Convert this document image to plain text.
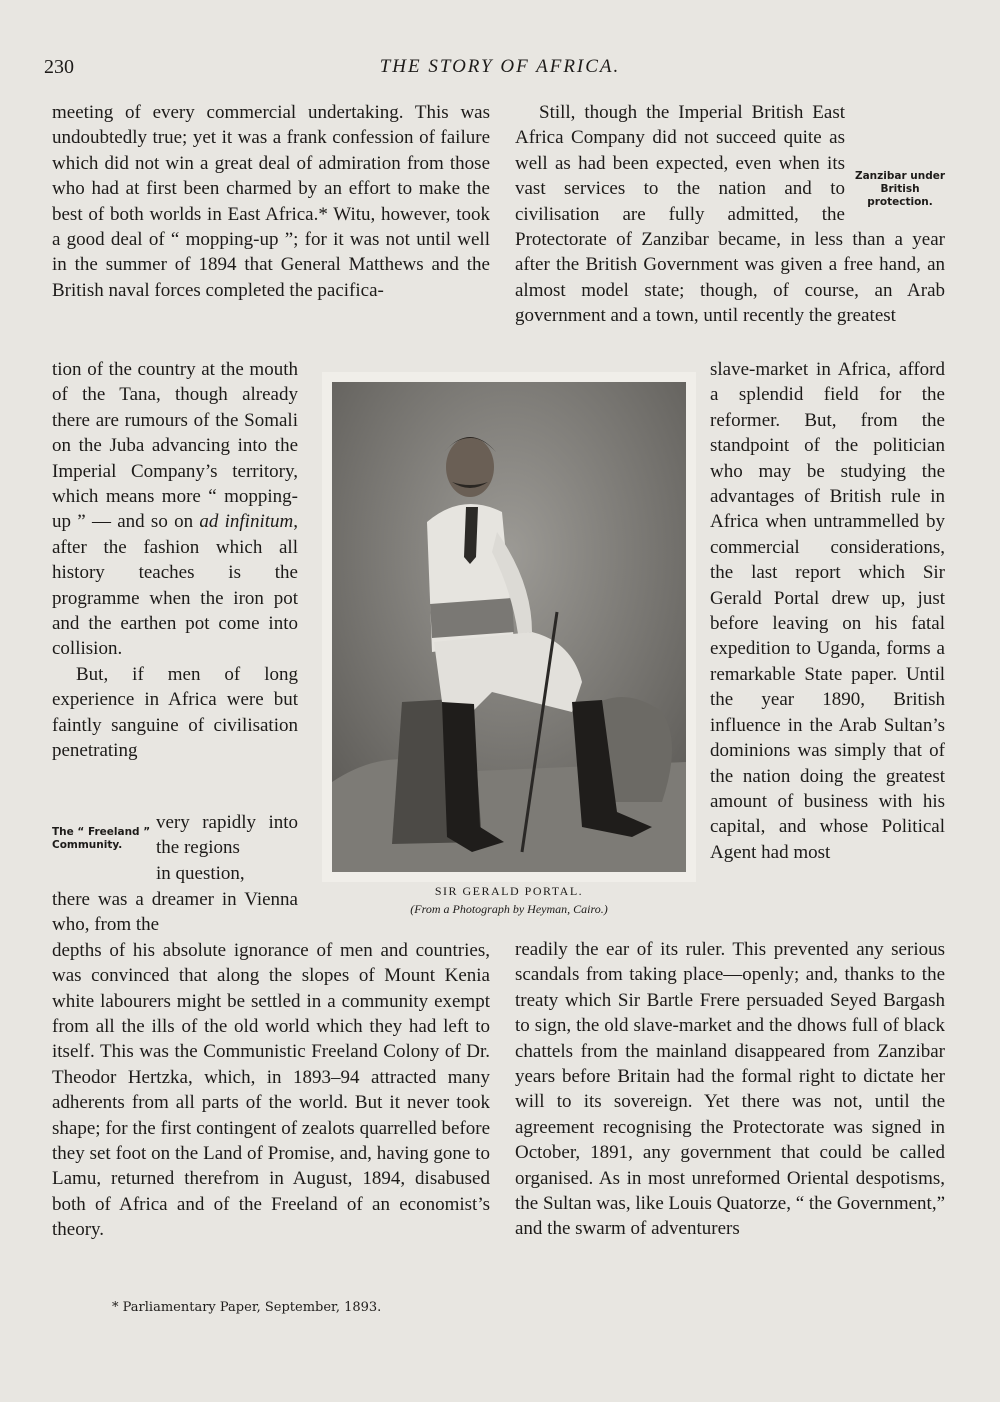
230	THE STORY OF AFRICA.

meeting of every commercial undertaking. This was undoubtedly true; yet it was a frank confession of failure which did not win a great deal of admiration from those who had at first been charmed by an effort to make the best of both worlds in East Africa.* Witu, however, took a good deal of “ mopping-up ”; for it was not until well in the summer of 1894 that General Matthews and the British naval forces completed the pacifica-

tion of the country at the mouth of the Tana, though already there are rumours of the Somali on the Juba advancing into the Imperial Company’s territory, which means more “ mopping-up ” — and so on ad infinitum, after the fashion which all history teaches is the programme when the iron pot and the earthen pot come into collision.

But, if men of long experience in Africa were but faintly sanguine of civilisation penetrating

The “ Freeland ” Community.
very rapidly into the regions
in question,

there was a dreamer in Vienna who, from the

depths of his absolute ignorance of men and countries, was convinced that along the slopes of Mount Kenia white labourers might be settled in a community exempt from all the ills of the old world which they had left to itself. This was the Communistic Freeland Colony of Dr. Theodor Hertzka, which, in 1893–94 attracted many adherents from all parts of the world. But it never took shape; for the first contingent of zealots quarrelled before they set foot on the Land of Promise, and, having gone to Lamu, returned therefrom in August, 1894, disabused both of Africa and of the Freeland of an economist’s theory.

* Parliamentary Paper, September, 1893.
SIR GERALD PORTAL.
(From a Photograph by Heyman, Cairo.)

Still, though the Imperial British East Africa Company did not succeed quite as well as had been expected, even when its vast services to the nation and to civilisation are fully admitted, the Protectorate of Zanzibar became, in less than a year after the British Government was given a free hand, an almost model state; though, of course, an Arab government and a town, until recently the greatest

Zanzibar under British protection.

slave-market in Africa, afford a splendid field for the reformer. But, from the standpoint of the politician who may be studying the advantages of British rule in Africa when untrammelled by commercial considerations, the last report which Sir Gerald Portal drew up, just before leaving on his fatal expedition to Uganda, forms a remarkable State paper. Until the year 1890, British influence in the Arab Sultan’s dominions was simply that of the nation doing the greatest amount of business with his capital, and whose Political Agent had most

readily the ear of its ruler. This prevented any serious scandals from taking place—openly; and, thanks to the treaty which Sir Bartle Frere persuaded Seyed Bargash to sign, the old slave-market and the dhows full of black chattels from the mainland disappeared from Zanzibar years before Britain had the formal right to dictate her will to its sovereign. Yet there was not, until the agreement recognising the Protectorate was signed in October, 1891, any government that could be called organised. As in most unreformed Oriental despotisms, the Sultan was, like Louis Quatorze, “ the Government,” and the swarm of adventurers
